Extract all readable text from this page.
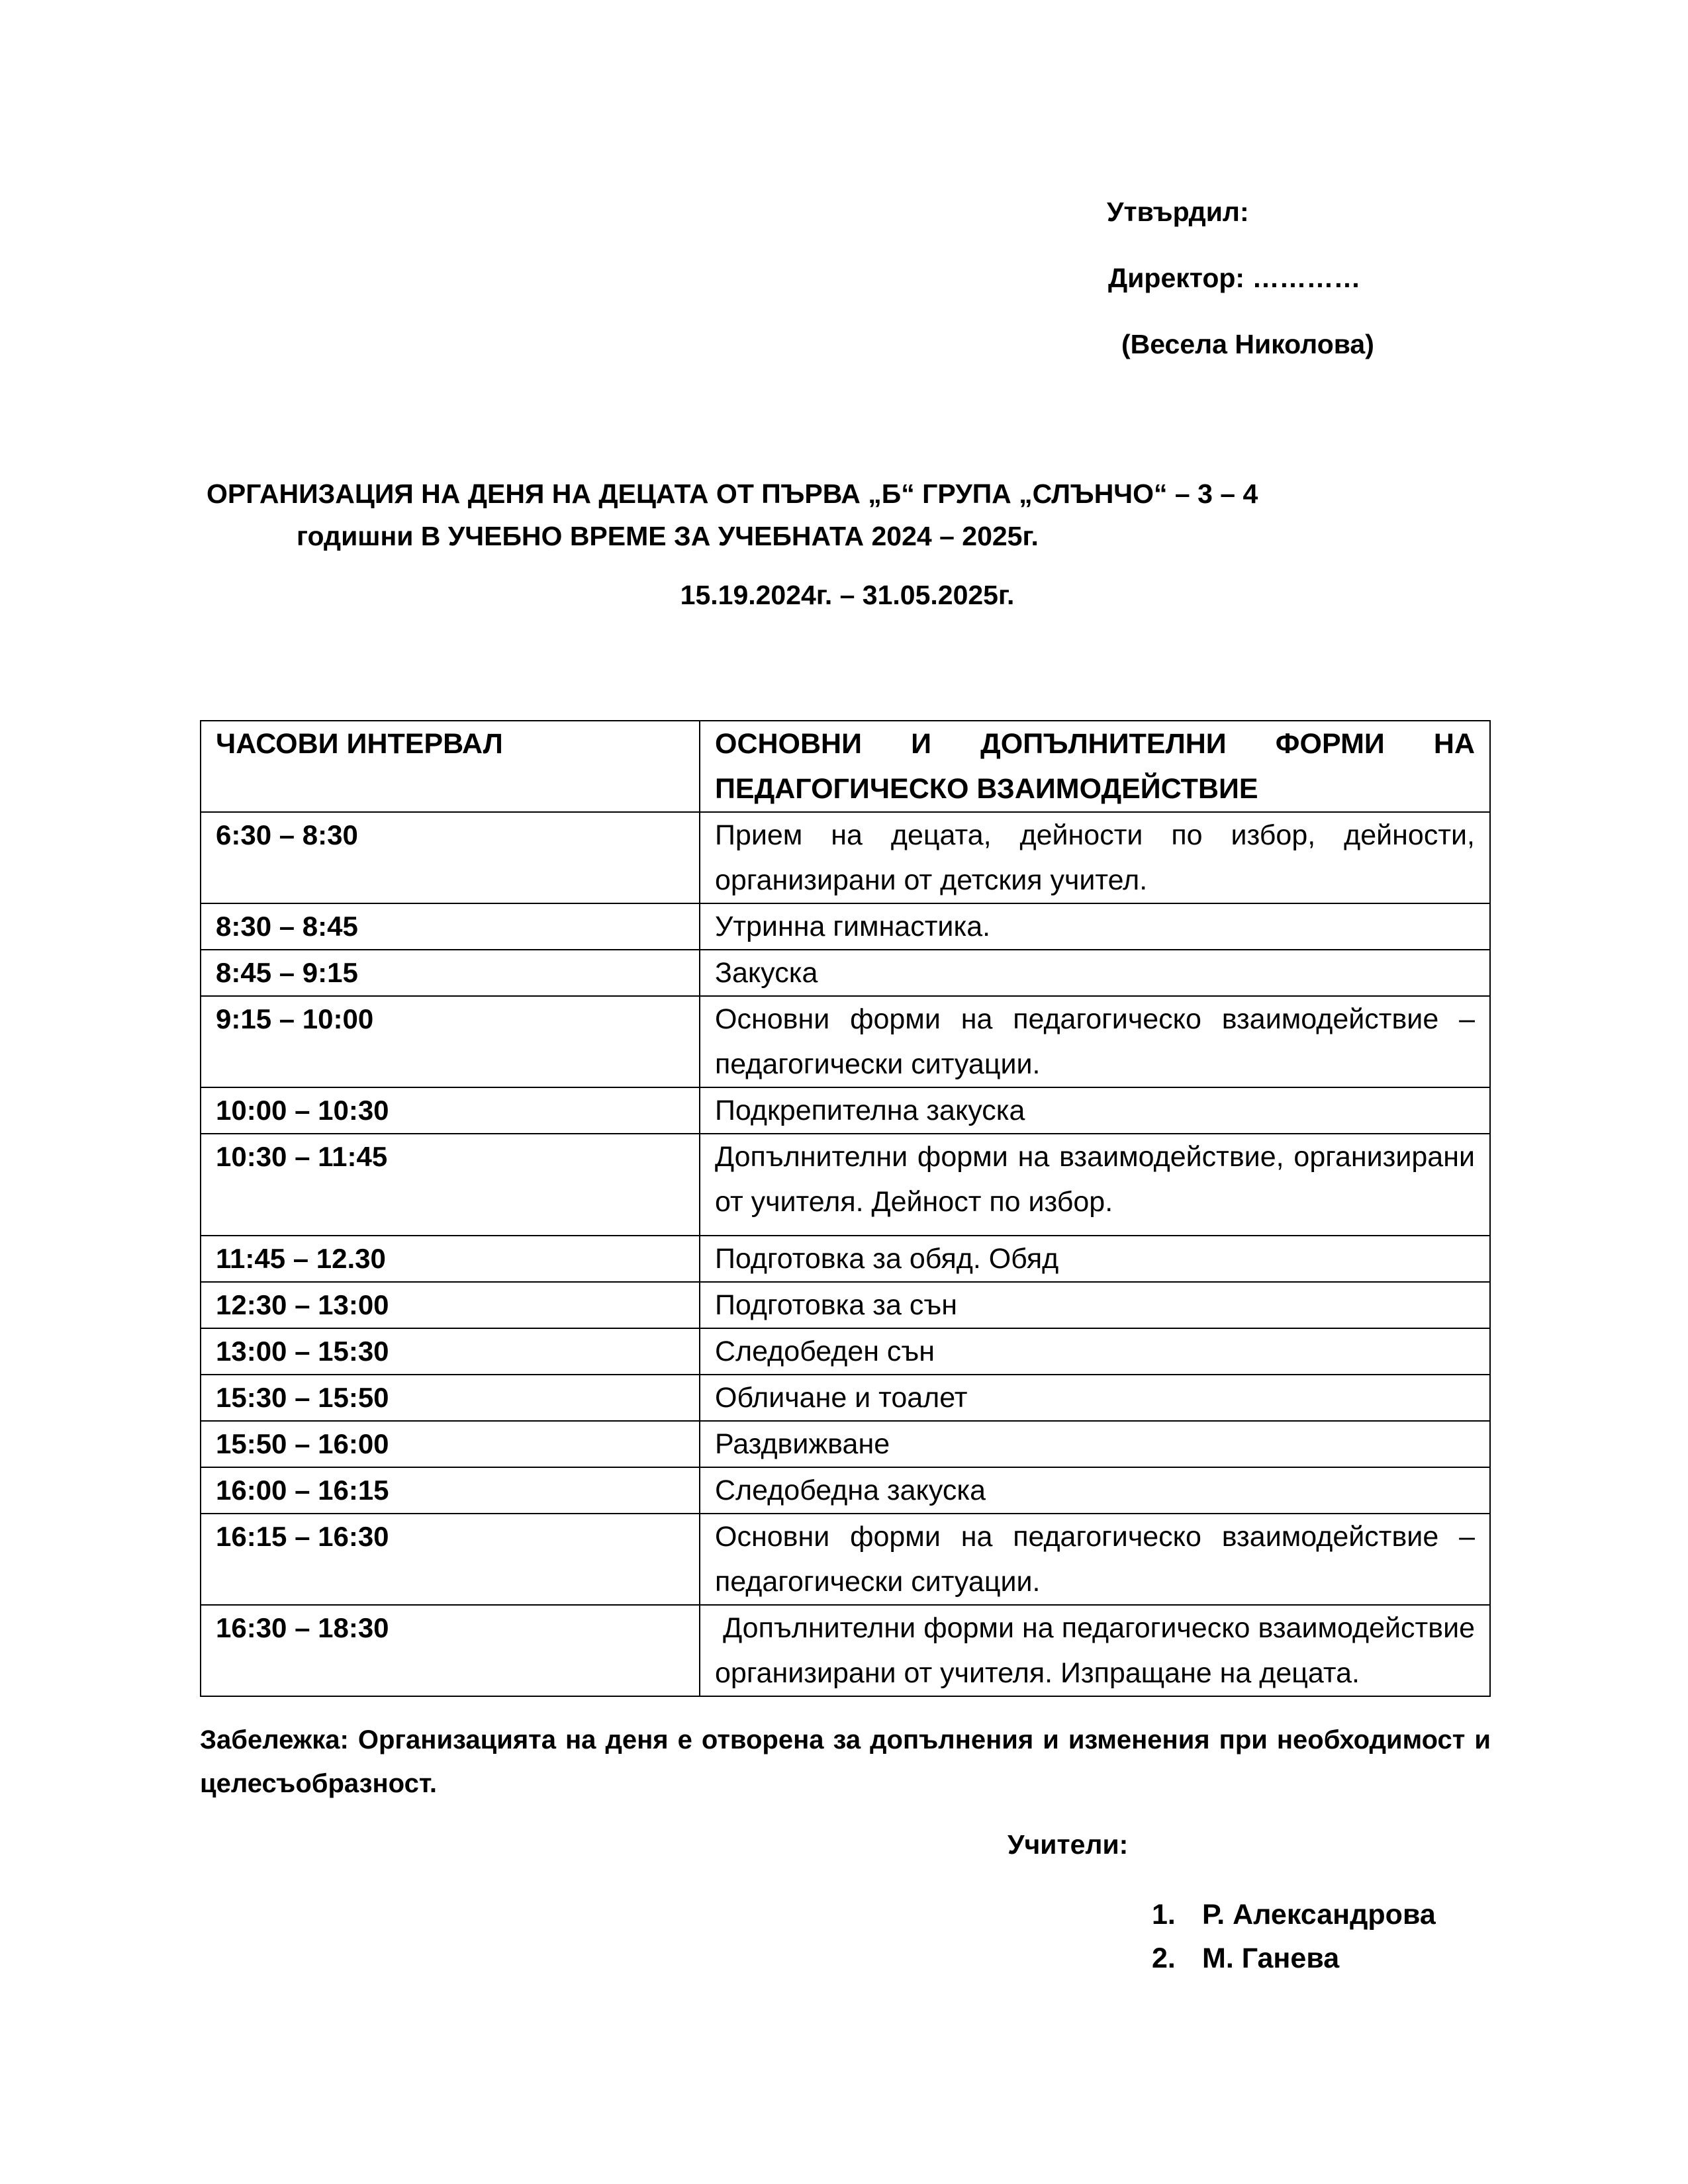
Утвърдил:
Директор: …………
(Весела Николова)
ОРГАНИЗАЦИЯ НА ДЕНЯ НА ДЕЦАТА ОТ ПЪРВА „Б“ ГРУПА „СЛЪНЧО“ – 3 – 4
годишни В УЧЕБНО ВРЕМЕ ЗА УЧЕБНАТА 2024 – 2025г.
15.19.2024г. – 31.05.2025г.
ЧАСОВИ ИНТЕРВАЛ	ОСНОВНИ И ДОПЪЛНИТЕЛНИ ФОРМИ НА ПЕДАГОГИЧЕСКО ВЗАИМОДЕЙСТВИЕ
6:30 – 8:30	Прием на децата, дейности по избор, дейности, организирани от детския учител.
8:30 – 8:45	Утринна гимнастика.
8:45 – 9:15	Закуска
9:15 – 10:00	Основни форми на педагогическо взаимодействие – педагогически ситуации.
10:00 – 10:30	Подкрепителна закуска
10:30 – 11:45	Допълнителни форми на взаимодействие, организирани от учителя. Дейност по избор.
11:45 – 12.30	Подготовка за обяд. Обяд
12:30 – 13:00	Подготовка за сън
13:00 – 15:30	Следобеден сън
15:30 – 15:50	Обличане и тоалет
15:50 – 16:00	Раздвижване
16:00 – 16:15	Следобедна закуска
16:15 – 16:30	Основни форми на педагогическо взаимодействие – педагогически ситуации.
16:30 – 18:30	Допълнителни форми на педагогическо взаимодействие организирани от учителя. Изпращане на децата.
Забележка: Организацията на деня е отворена за допълнения и изменения при необходимост и целесъобразност.
Учители:
1. Р. Александрова
2. М. Ганева
